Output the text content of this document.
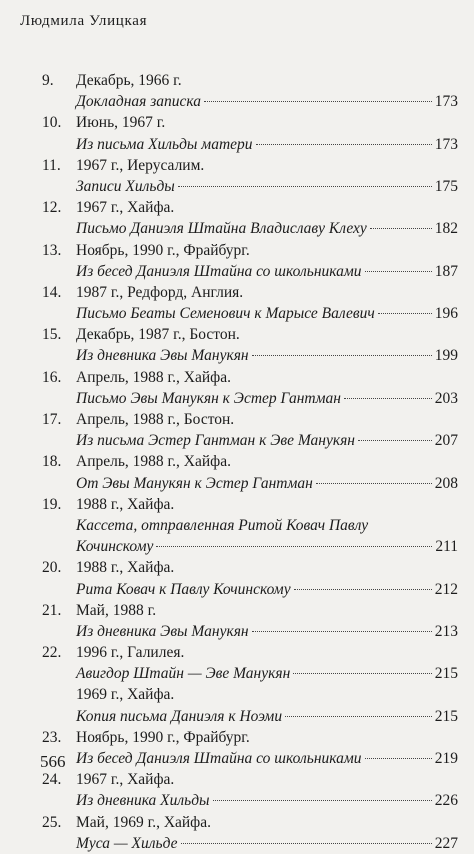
Людмила Улицкая
9. Декабрь, 1966 г.
Докладная записка	173
10. Июнь, 1967 г.
Из письма Хильды матери	173
11. 1967 г., Иерусалим.
Записи Хильды	175
12. 1967 г., Хайфа.
Письмо Даниэля Штайна Владиславу Клеху	182
13. Ноябрь, 1990 г., Фрайбург.
Из бесед Даниэля Штайна со школьниками	187
14. 1987 г., Редфорд, Англия.
Письмо Беаты Семенович к Марысе Валевич	196
15. Декабрь, 1987 г., Бостон.
Из дневника Эвы Манукян	199
16. Апрель, 1988 г., Хайфа.
Письмо Эвы Манукян к Эстер Гантман	203
17. Апрель, 1988 г., Бостон.
Из письма Эстер Гантман к Эве Манукян	207
18. Апрель, 1988 г., Хайфа.
От Эвы Манукян к Эстер Гантман	208
19. 1988 г., Хайфа.
Кассета, отправленная Ритой Ковач Павлу
Кочинскому	211
20. 1988 г., Хайфа.
Рита Ковач к Павлу Кочинскому	212
21. Май, 1988 г.
Из дневника Эвы Манукян	213
22. 1996 г., Галилея.
Авигдор Штайн — Эве Манукян	215
1969 г., Хайфа.
Копия письма Даниэля к Ноэми	215
23. Ноябрь, 1990 г., Фрайбург.
Из бесед Даниэля Штайна со школьниками	219
24. 1967 г., Хайфа.
Из дневника Хильды	226
25. Май, 1969 г., Хайфа.
Муса — Хильде	227
566
